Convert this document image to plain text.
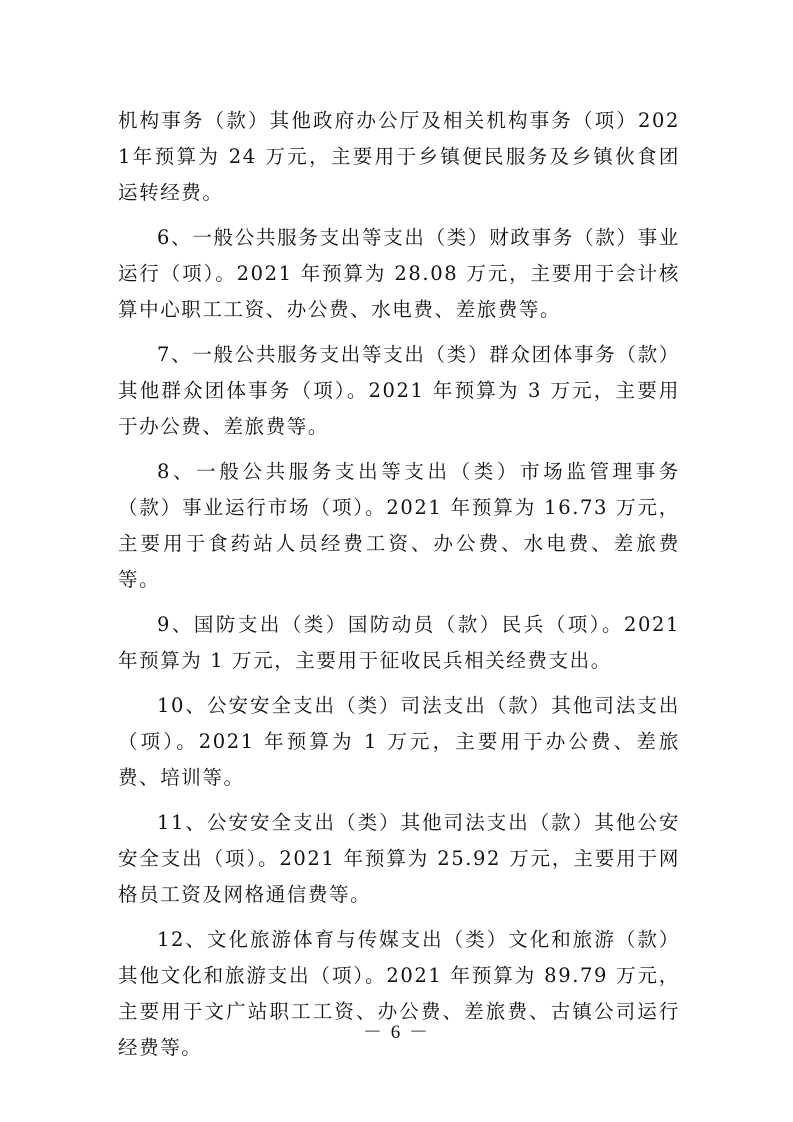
机构事务（款）其他政府办公厅及相关机构事务（项）2021年预算为 24 万元，主要用于乡镇便民服务及乡镇伙食团运转经费。

6、一般公共服务支出等支出（类）财政事务（款）事业运行（项）。2021 年预算为 28.08 万元，主要用于会计核算中心职工工资、办公费、水电费、差旅费等。

7、一般公共服务支出等支出（类）群众团体事务（款）其他群众团体事务（项）。2021 年预算为 3 万元，主要用于办公费、差旅费等。

8、一般公共服务支出等支出（类）市场监管理事务（款）事业运行市场（项）。2021 年预算为 16.73 万元，主要用于食药站人员经费工资、办公费、水电费、差旅费等。

9、国防支出（类）国防动员（款）民兵（项）。2021年预算为 1 万元，主要用于征收民兵相关经费支出。

10、公安安全支出（类）司法支出（款）其他司法支出（项）。2021 年预算为 1 万元，主要用于办公费、差旅费、培训等。

11、公安安全支出（类）其他司法支出（款）其他公安安全支出（项）。2021 年预算为 25.92 万元，主要用于网格员工资及网格通信费等。

12、文化旅游体育与传媒支出（类）文化和旅游（款）其他文化和旅游支出（项）。2021 年预算为 89.79 万元，主要用于文广站职工工资、办公费、差旅费、古镇公司运行经费等。

－ 6 －
